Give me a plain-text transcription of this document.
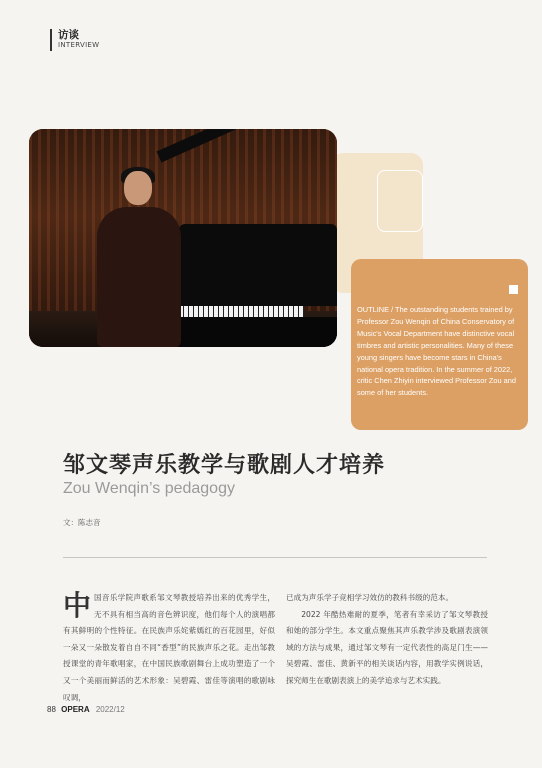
访谈
INTERVIEW
OUTLINE / The outstanding students trained by Professor Zou Wenqin of China Conservatory of Music's Vocal Department have distinctive vocal timbres and artistic personalities. Many of these young singers have become stars in China's national opera tradition. In the summer of 2022, critic Chen Zhiyin interviewed Professor Zou and some of her students.
邹文琴声乐教学与歌剧人才培养
Zou Wenqin’s pedagogy
文：陈志音
中 国音乐学院声歌系邹文琴教授培养出来的优秀学生，无不具有相当高的音色辨识度，他们每个人的演唱都有其鲜明的个性特征。在民族声乐姹紫嫣红的百花园里，好似一朵又一朵散发着自自不同“香型”的民族声乐之花。走出邹教授课堂的青年歌唱家，在中国民族歌剧舞台上成功塑造了一个又一个美丽而鲜活的艺术形象：吴碧霞、雷佳等演唱的歌剧咏叹调，

已成为声乐学子竞相学习效仿的教科书级的范本。

2022 年酷热难耐的夏季，笔者有幸采访了邹文琴教授和她的部分学生。本文重点聚焦其声乐教学涉及歌剧表演领域的方法与成果，通过邹文琴有一定代表性的高足门生——吴碧霞、雷佳、黄新平的相关谈话内容，用教学实例说话，探究师生在歌剧表演上的美学追求与艺术实践。

88 OPERA 2022/12
